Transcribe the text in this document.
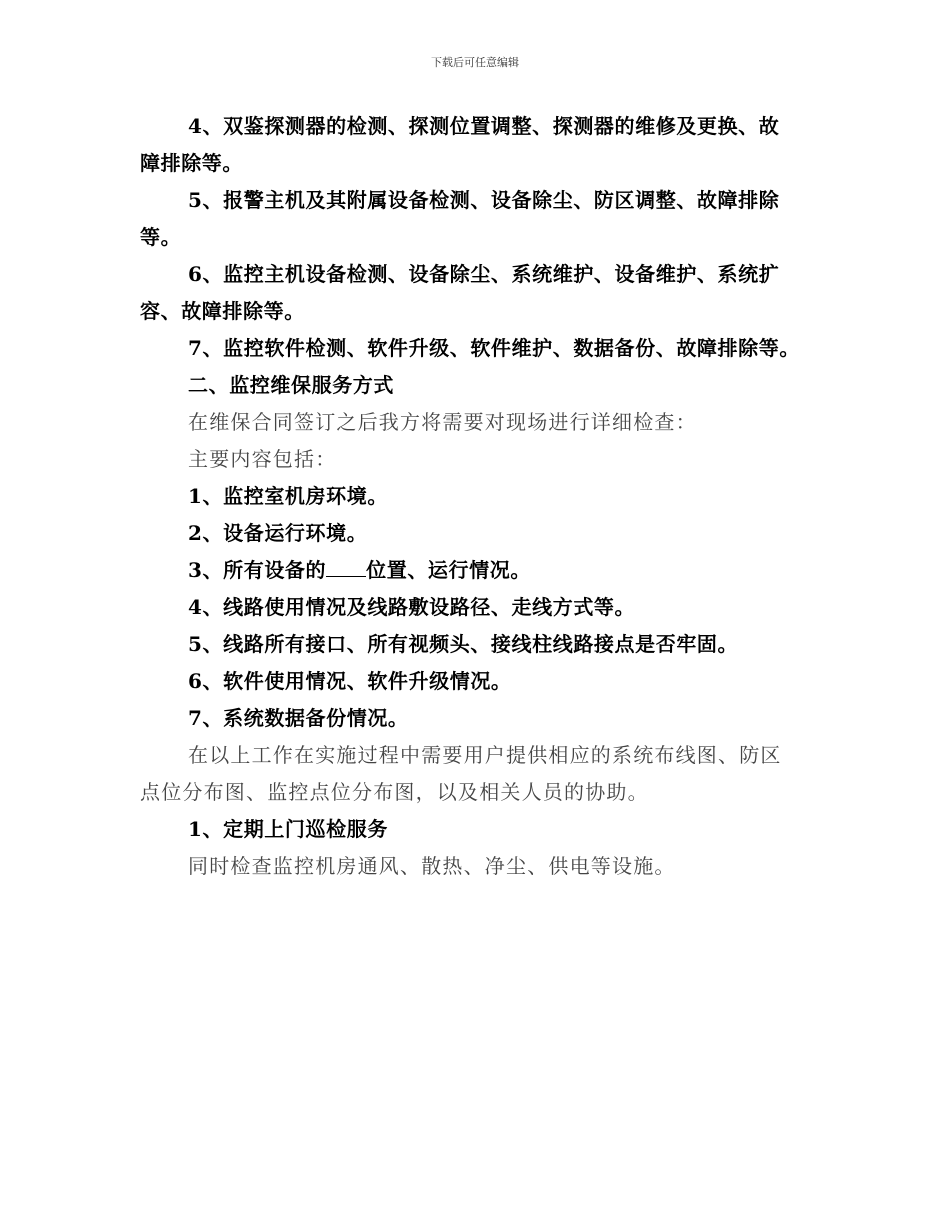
下载后可任意编辑
4、双鉴探测器的检测、探测位置调整、探测器的维修及更换、故
障排除等。
5、报警主机及其附属设备检测、设备除尘、防区调整、故障排除
等。
6、监控主机设备检测、设备除尘、系统维护、设备维护、系统扩
容、故障排除等。
7、监控软件检测、软件升级、软件维护、数据备份、故障排除等。
二、监控维保服务方式
在维保合同签订之后我方将需要对现场进行详细检查：
主要内容包括：
1、监控室机房环境。
2、设备运行环境。
3、所有设备的 位置、运行情况。
4、线路使用情况及线路敷设路径、走线方式等。
5、线路所有接口、所有视频头、接线柱线路接点是否牢固。
6、软件使用情况、软件升级情况。
7、系统数据备份情况。
在以上工作在实施过程中需要用户提供相应的系统布线图、防区
点位分布图、监控点位分布图，以及相关人员的协助。
1、定期上门巡检服务
同时检查监控机房通风、散热、净尘、供电等设施。
